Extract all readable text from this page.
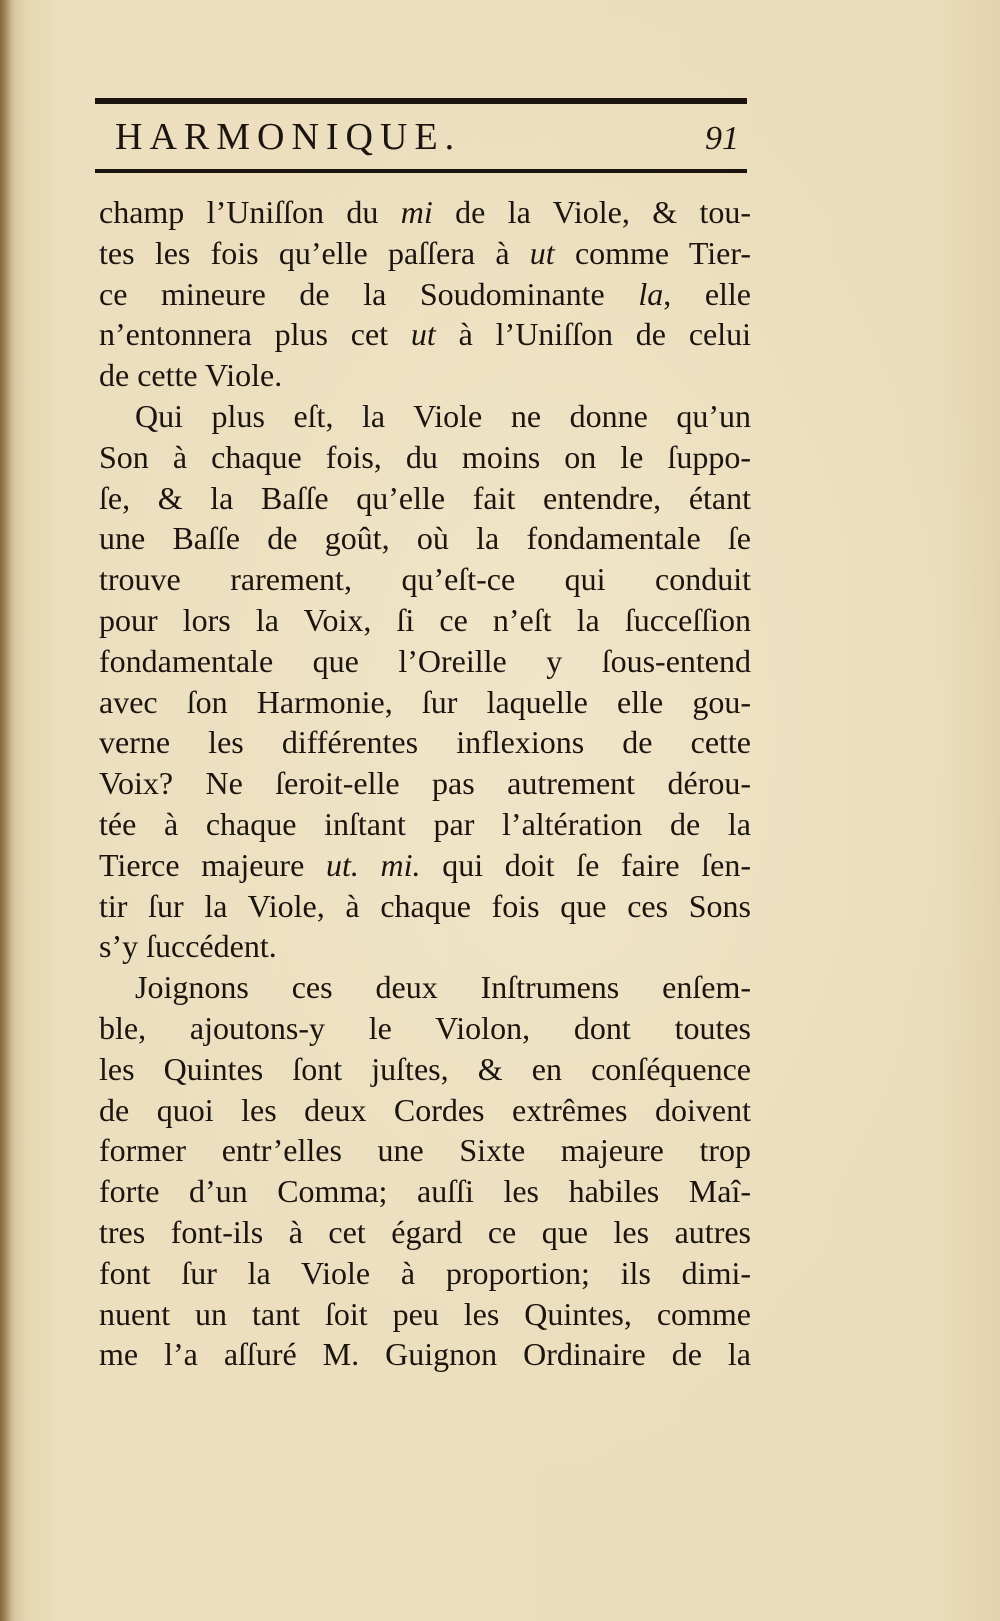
HARMONIQUE.	91
champ l’Uniſſon du mi de la Viole, & tou-
tes les fois qu’elle paſſera à ut comme Tier-
ce mineure de la Soudominante la, elle
n’entonnera plus cet ut à l’Uniſſon de celui
de cette Viole.
Qui plus eſt, la Viole ne donne qu’un
Son à chaque fois, du moins on le ſuppo-
ſe, & la Baſſe qu’elle fait entendre, étant
une Baſſe de goût, où la fondamentale ſe
trouve rarement, qu’eſt-ce qui conduit
pour lors la Voix, ſi ce n’eſt la ſucceſſion
fondamentale que l’Oreille y ſous-entend
avec ſon Harmonie, ſur laquelle elle gou-
verne les différentes inflexions de cette
Voix? Ne ſeroit-elle pas autrement dérou-
tée à chaque inſtant par l’altération de la
Tierce majeure ut. mi. qui doit ſe faire ſen-
tir ſur la Viole, à chaque fois que ces Sons
s’y ſuccédent.
Joignons ces deux Inſtrumens enſem-
ble, ajoutons-y le Violon, dont toutes
les Quintes ſont juſtes, & en conſéquence
de quoi les deux Cordes extrêmes doivent
former entr’elles une Sixte majeure trop
forte d’un Comma; auſſi les habiles Maî-
tres font-ils à cet égard ce que les autres
font ſur la Viole à proportion; ils dimi-
nuent un tant ſoit peu les Quintes, comme
me l’a aſſuré M. Guignon Ordinaire de la
